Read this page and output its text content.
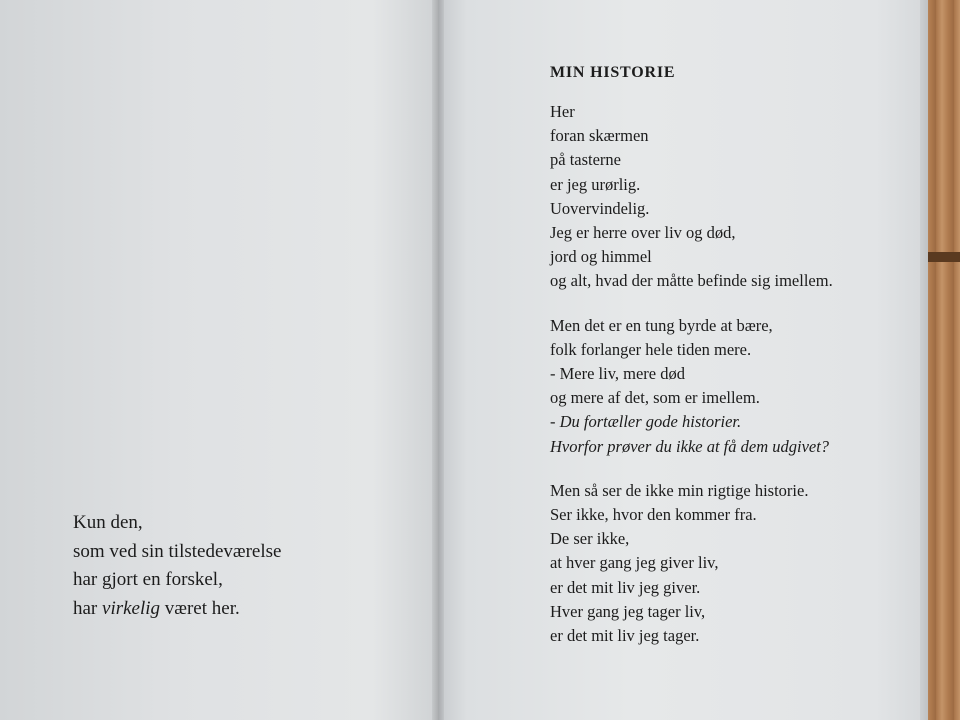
Kun den,
som ved sin tilstedeværelse
har gjort en forskel,
har virkelig været her.
MIN HISTORIE
Her
foran skærmen
på tasterne
er jeg urørlig.
Uovervindelig.
Jeg er herre over liv og død,
jord og himmel
og alt, hvad der måtte befinde sig imellem.
Men det er en tung byrde at bære,
folk forlanger hele tiden mere.
- Mere liv, mere død
og mere af det, som er imellem.
- Du fortæller gode historier.
Hvorfor prøver du ikke at få dem udgivet?
Men så ser de ikke min rigtige historie.
Ser ikke, hvor den kommer fra.
De ser ikke,
at hver gang jeg giver liv,
er det mit liv jeg giver.
Hver gang jeg tager liv,
er det mit liv jeg tager.
